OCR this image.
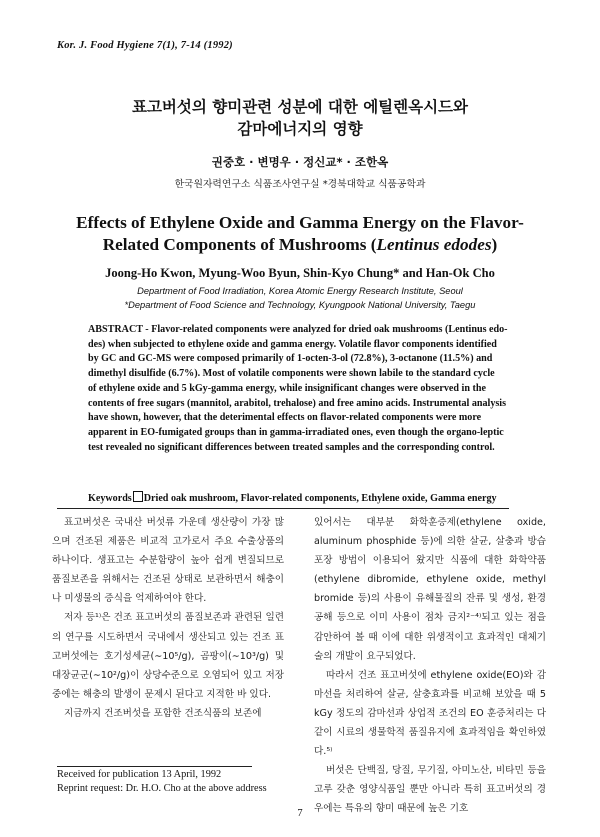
Kor. J. Food Hygiene 7(1), 7-14 (1992)
표고버섯의 향미관련 성분에 대한 에틸렌옥시드와
감마에너지의 영향
권중호 · 변명우 · 정신교* · 조한옥
한국원자력연구소 식품조사연구실 *경북대학교 식품공학과
Effects of Ethylene Oxide and Gamma Energy on the Flavor-
Related Components of Mushrooms (Lentinus edodes)
Joong-Ho Kwon, Myung-Woo Byun, Shin-Kyo Chung* and Han-Ok Cho
Department of Food Irradiation, Korea Atomic Energy Research Institute, Seoul
*Department of Food Science and Technology, Kyungpook National University, Taegu
ABSTRACT - Flavor-related components were analyzed for dried oak mushrooms (Lentinus edo-
des) when subjected to ethylene oxide and gamma energy. Volatile flavor components identified
by GC and GC-MS were composed primarily of 1-octen-3-ol (72.8%), 3-octanone (11.5%) and
dimethyl disulfide (6.7%). Most of volatile components were shown labile to the standard cycle
of ethylene oxide and 5 kGy-gamma energy, while insignificant changes were observed in the
contents of free sugars (mannitol, arabitol, trehalose) and free amino acids. Instrumental analysis
have shown, however, that the deterimental effects on flavor-related components were more
apparent in EO-fumigated groups than in gamma-irradiated ones, even though the organo-leptic
test revealed no significant differences between treated samples and the corresponding control.
Keywords Dried oak mushroom, Flavor-related components, Ethylene oxide, Gamma energy

표고버섯은 국내산 버섯류 가운데 생산량이 가장 많으며 건조된 제품은 비교적 고가로서 주요 수출상품의 하나이다. 생표고는 수분함량이 높아 쉽게 변질되므로 품질보존을 위해서는 건조된 상태로 보관하면서 해충이나 미생물의 증식을 억제하여야 한다.

저자 등¹⁾은 건조 표고버섯의 품질보존과 관련된 일련의 연구를 시도하면서 국내에서 생산되고 있는 건조 표고버섯에는 호기성세균(∼10⁵/g), 곰팡이(∼10³/g) 및 대장균군(∼10²/g)이 상당수준으로 오염되어 있고 저장 중에는 해충의 발생이 문제시 된다고 지적한 바 있다.

지금까지 건조버섯을 포함한 건조식품의 보존에

있어서는 대부분 화학훈증제(ethylene oxide, aluminum phosphide 등)에 의한 살균, 살충과 방습포장 방법이 이용되어 왔지만 식품에 대한 화학약품(ethylene dibromide, ethylene oxide, methyl bromide 등)의 사용이 유해물질의 잔류 및 생성, 환경공해 등으로 이미 사용이 점차 금지²⁻⁴⁾되고 있는 점을 감안하여 볼 때 이에 대한 위생적이고 효과적인 대체기술의 개발이 요구되었다.

따라서 건조 표고버섯에 ethylene oxide(EO)와 감마선을 처리하여 살균, 살충효과를 비교해 보았을 때 5 kGy 정도의 감마선과 상업적 조건의 EO 훈증처리는 다같이 시료의 생물학적 품질유지에 효과적임을 확인하였다.⁵⁾

버섯은 단백질, 당질, 무기질, 아미노산, 비타민 등을 고루 갖춘 영양식품일 뿐만 아니라 특히 표고버섯의 경우에는 특유의 향미 때문에 높은 기호

Received for publication 13 April, 1992
Reprint request: Dr. H.O. Cho at the above address
7
